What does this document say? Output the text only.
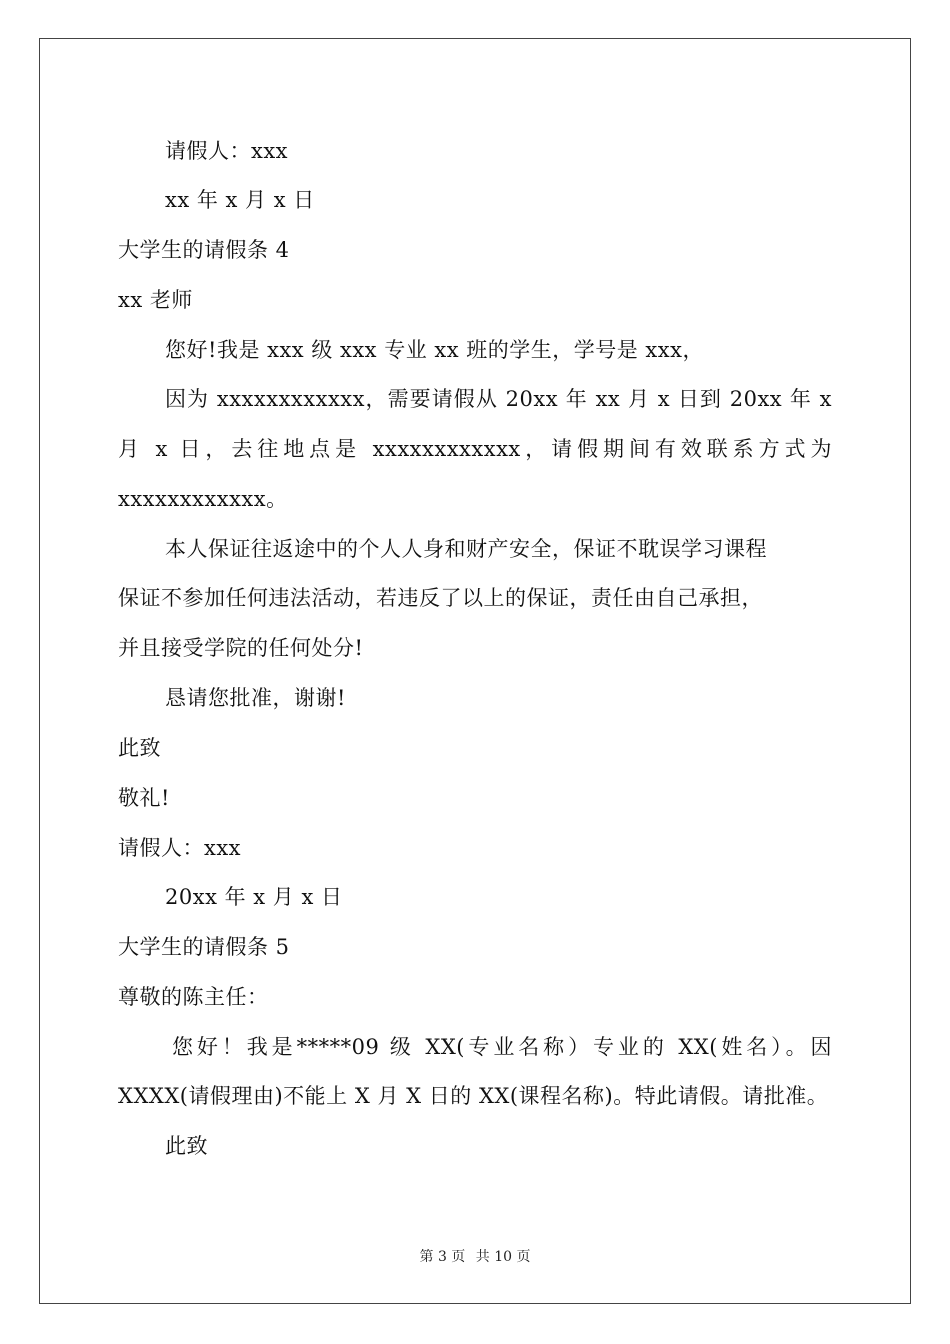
请假人：xxx
xx 年 x 月 x 日
大学生的请假条 4
xx 老师
您好!我是 xxx 级 xxx 专业 xx 班的学生，学号是 xxx，
因为 xxxxxxxxxxxx，需要请假从 20xx 年 xx 月 x 日到 20xx 年 x
月 x 日，去往地点是 xxxxxxxxxxxx，请假期间有效联系方式为
xxxxxxxxxxxx。
本人保证往返途中的个人人身和财产安全，保证不耽误学习课程
保证不参加任何违法活动，若违反了以上的保证，责任由自己承担，
并且接受学院的任何处分!
恳请您批准，谢谢!
此致
敬礼!
请假人：xxx
20xx 年 x 月 x 日
大学生的请假条 5
尊敬的陈主任：
您好！我是*****09 级 XX(专业名称）专业的 XX(姓名）。因
XXXX(请假理由)不能上 X 月 X 日的 XX(课程名称)。特此请假。请批准。
此致
第 3 页 共 10 页
